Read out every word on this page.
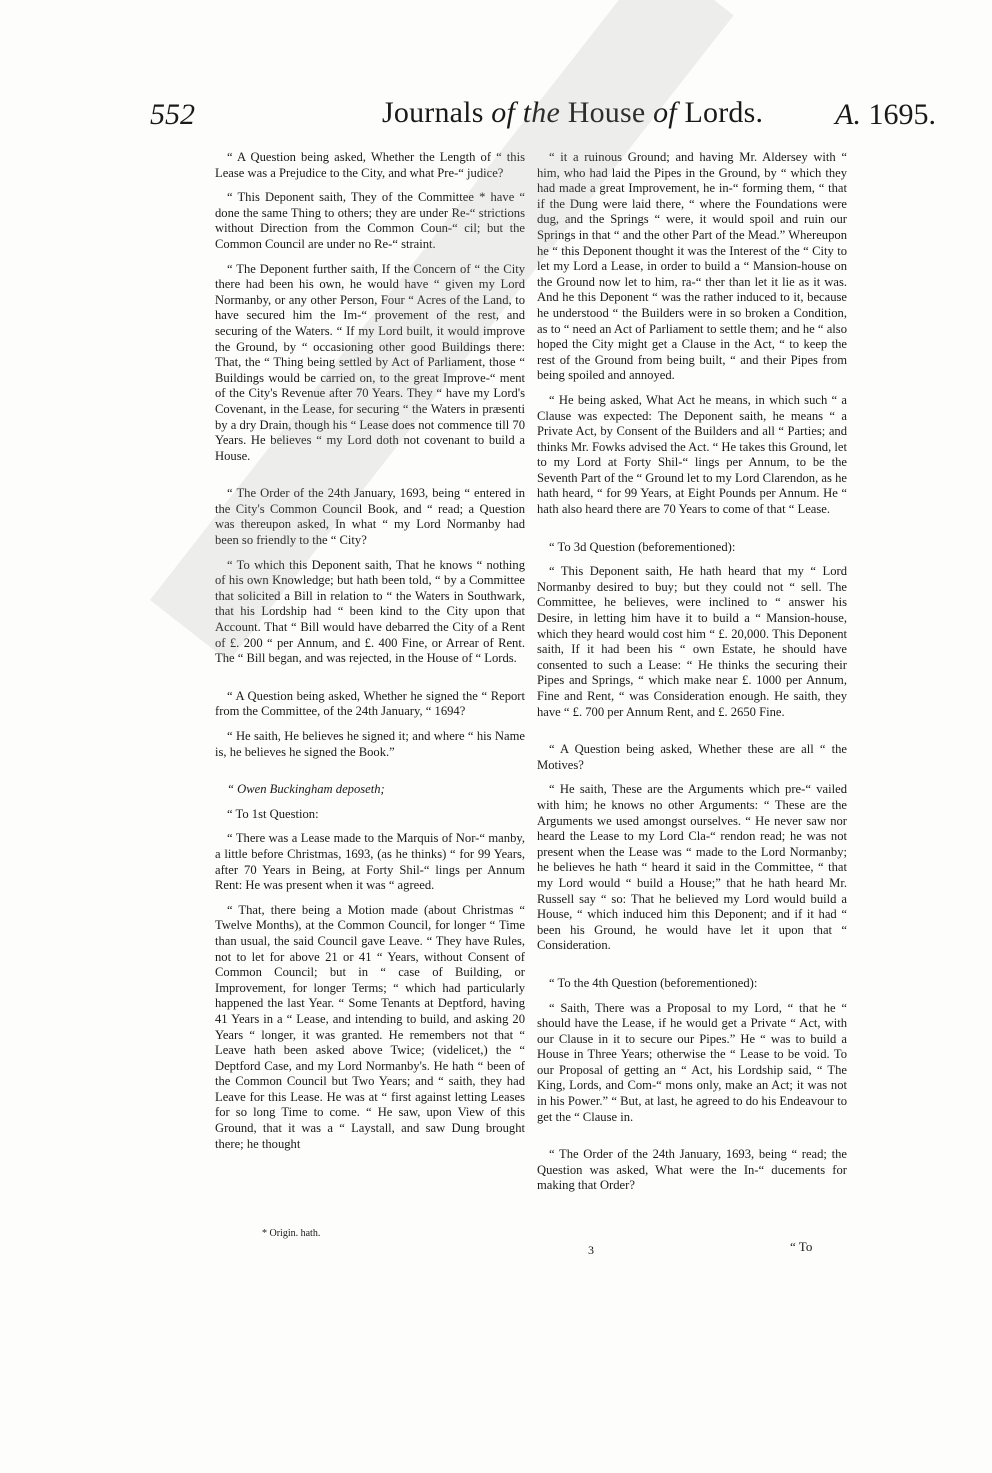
552	Journals of the House of Lords. A. 1695.

“ A Question being asked, Whether the Length of “ this Lease was a Prejudice to the City, and what Pre-“ judice?

“ This Deponent saith, They of the Committee * have “ done the same Thing to others; they are under Re-“ strictions without Direction from the Common Coun-“ cil; but the Common Council are under no Re-“ straint.

“ The Deponent further saith, If the Concern of “ the City there had been his own, he would have “ given my Lord Normanby, or any other Person, Four “ Acres of the Land, to have secured him the Im-“ provement of the rest, and securing of the Waters. “ If my Lord built, it would improve the Ground, by “ occasioning other good Buildings there: That, the “ Thing being settled by Act of Parliament, those “ Buildings would be carried on, to the great Improve-“ ment of the City's Revenue after 70 Years. They “ have my Lord's Covenant, in the Lease, for securing “ the Waters in præsenti by a dry Drain, though his “ Lease does not commence till 70 Years. He believes “ my Lord doth not covenant to build a House.

“ The Order of the 24th January, 1693, being “ entered in the City's Common Council Book, and “ read; a Question was thereupon asked, In what “ my Lord Normanby had been so friendly to the “ City?

“ To which this Deponent saith, That he knows “ nothing of his own Knowledge; but hath been told, “ by a Committee that solicited a Bill in relation to “ the Waters in Southwark, that his Lordship had “ been kind to the City upon that Account. That “ Bill would have debarred the City of a Rent of £. 200 “ per Annum, and £. 400 Fine, or Arrear of Rent. The “ Bill began, and was rejected, in the House of “ Lords.

“ A Question being asked, Whether he signed the “ Report from the Committee, of the 24th January, “ 1694?

“ He saith, He believes he signed it; and where “ his Name is, he believes he signed the Book.”

“ Owen Buckingham deposeth;

“ To 1st Question:

“ There was a Lease made to the Marquis of Nor-“ manby, a little before Christmas, 1693, (as he thinks) “ for 99 Years, after 70 Years in Being, at Forty Shil-“ lings per Annum Rent: He was present when it was “ agreed.

“ That, there being a Motion made (about Christmas “ Twelve Months), at the Common Council, for longer “ Time than usual, the said Council gave Leave. “ They have Rules, not to let for above 21 or 41 “ Years, without Consent of Common Council; but in “ case of Building, or Improvement, for longer Terms; “ which had particularly happened the last Year. “ Some Tenants at Deptford, having 41 Years in a “ Lease, and intending to build, and asking 20 Years “ longer, it was granted. He remembers not that “ Leave hath been asked above Twice; (videlicet,) the “ Deptford Case, and my Lord Normanby's. He hath “ been of the Common Council but Two Years; and “ saith, they had Leave for this Lease. He was at “ first against letting Leases for so long Time to come. “ He saw, upon View of this Ground, that it was a “ Laystall, and saw Dung brought there; he thought

“ it a ruinous Ground; and having Mr. Aldersey with “ him, who had laid the Pipes in the Ground, by “ which they had made a great Improvement, he in-“ forming them, “ that if the Dung were laid there, “ where the Foundations were dug, and the Springs “ were, it would spoil and ruin our Springs in that “ and the other Part of the Mead.” Whereupon he “ this Deponent thought it was the Interest of the “ City to let my Lord a Lease, in order to build a “ Mansion-house on the Ground now let to him, ra-“ ther than let it lie as it was. And he this Deponent “ was the rather induced to it, because he understood “ the Builders were in so broken a Condition, as to “ need an Act of Parliament to settle them; and he “ also hoped the City might get a Clause in the Act, “ to keep the rest of the Ground from being built, “ and their Pipes from being spoiled and annoyed.

“ He being asked, What Act he means, in which such “ a Clause was expected: The Deponent saith, he means “ a Private Act, by Consent of the Builders and all “ Parties; and thinks Mr. Fowks advised the Act. “ He takes this Ground, let to my Lord at Forty Shil-“ lings per Annum, to be the Seventh Part of the “ Ground let to my Lord Clarendon, as he hath heard, “ for 99 Years, at Eight Pounds per Annum. He “ hath also heard there are 70 Years to come of that “ Lease.

“ To 3d Question (beforementioned):

“ This Deponent saith, He hath heard that my “ Lord Normanby desired to buy; but they could not “ sell. The Committee, he believes, were inclined to “ answer his Desire, in letting him have it to build a “ Mansion-house, which they heard would cost him “ £. 20,000. This Deponent saith, If it had been his “ own Estate, he should have consented to such a Lease: “ He thinks the securing their Pipes and Springs, “ which make near £. 1000 per Annum, Fine and Rent, “ was Consideration enough. He saith, they have “ £. 700 per Annum Rent, and £. 2650 Fine.

“ A Question being asked, Whether these are all “ the Motives?

“ He saith, These are the Arguments which pre-“ vailed with him; he knows no other Arguments: “ These are the Arguments we used amongst ourselves. “ He never saw nor heard the Lease to my Lord Cla-“ rendon read; he was not present when the Lease was “ made to the Lord Normanby; he believes he hath “ heard it said in the Committee, “ that my Lord would “ build a House;” that he hath heard Mr. Russell say “ so: That he believed my Lord would build a House, “ which induced him this Deponent; and if it had “ been his Ground, he would have let it upon that “ Consideration.

“ To the 4th Question (beforementioned):

“ Saith, There was a Proposal to my Lord, “ that he “ should have the Lease, if he would get a Private “ Act, with our Clause in it to secure our Pipes.” He “ was to build a House in Three Years; otherwise the “ Lease to be void. To our Proposal of getting an “ Act, his Lordship said, “ The King, Lords, and Com-“ mons only, make an Act; it was not in his Power.” “ But, at last, he agreed to do his Endeavour to get the “ Clause in.

“ The Order of the 24th January, 1693, being “ read; the Question was asked, What were the In-“ ducements for making that Order?

* Origin. hath.
3	“ To
